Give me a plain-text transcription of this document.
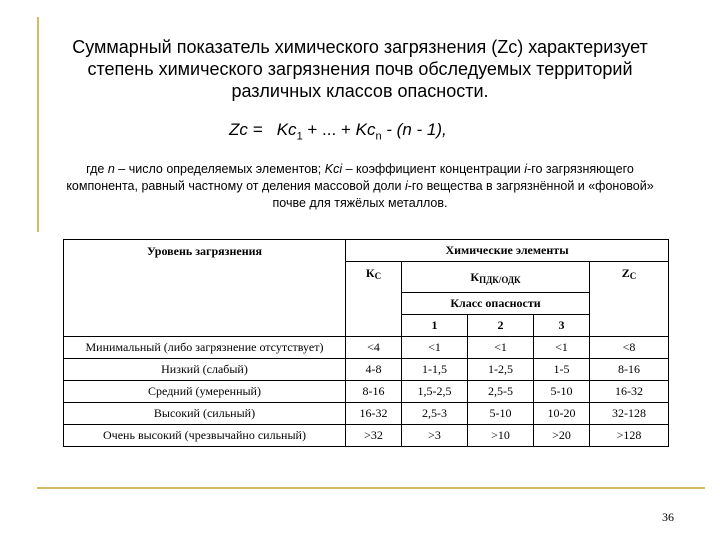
Суммарный показатель химического загрязнения (Zc) характеризует степень химического загрязнения почв обследуемых территорий различных классов опасности.
$Zc = Kc_1$ + ... + $Kc_n - (n - 1)$,
где n – число определяемых элементов; Kci – коэффициент концентрации i-го загрязняющего компонента, равный частному от деления массовой доли i-го вещества в загрязнённой и «фоновой» почве для тяжёлых металлов.
Уровень загрязнения	Химические элементы				
	$К_С$	$К_{ПДК/ОДК}$			$Z_C$
		Класс опасности			
		1	2	3	
Минимальный (либо загрязнение отсутствует)	<4	<1	<1	<1	<8
Низкий (слабый)	4-8	1-1,5	1-2,5	1-5	8-16
Средний (умеренный)	8-16	1,5-2,5	2,5-5	5-10	16-32
Высокий (сильный)	16-32	2,5-3	5-10	10-20	32-128
Очень высокий (чрезвычайно сильный)	>32	>3	>10	>20	>128
36
